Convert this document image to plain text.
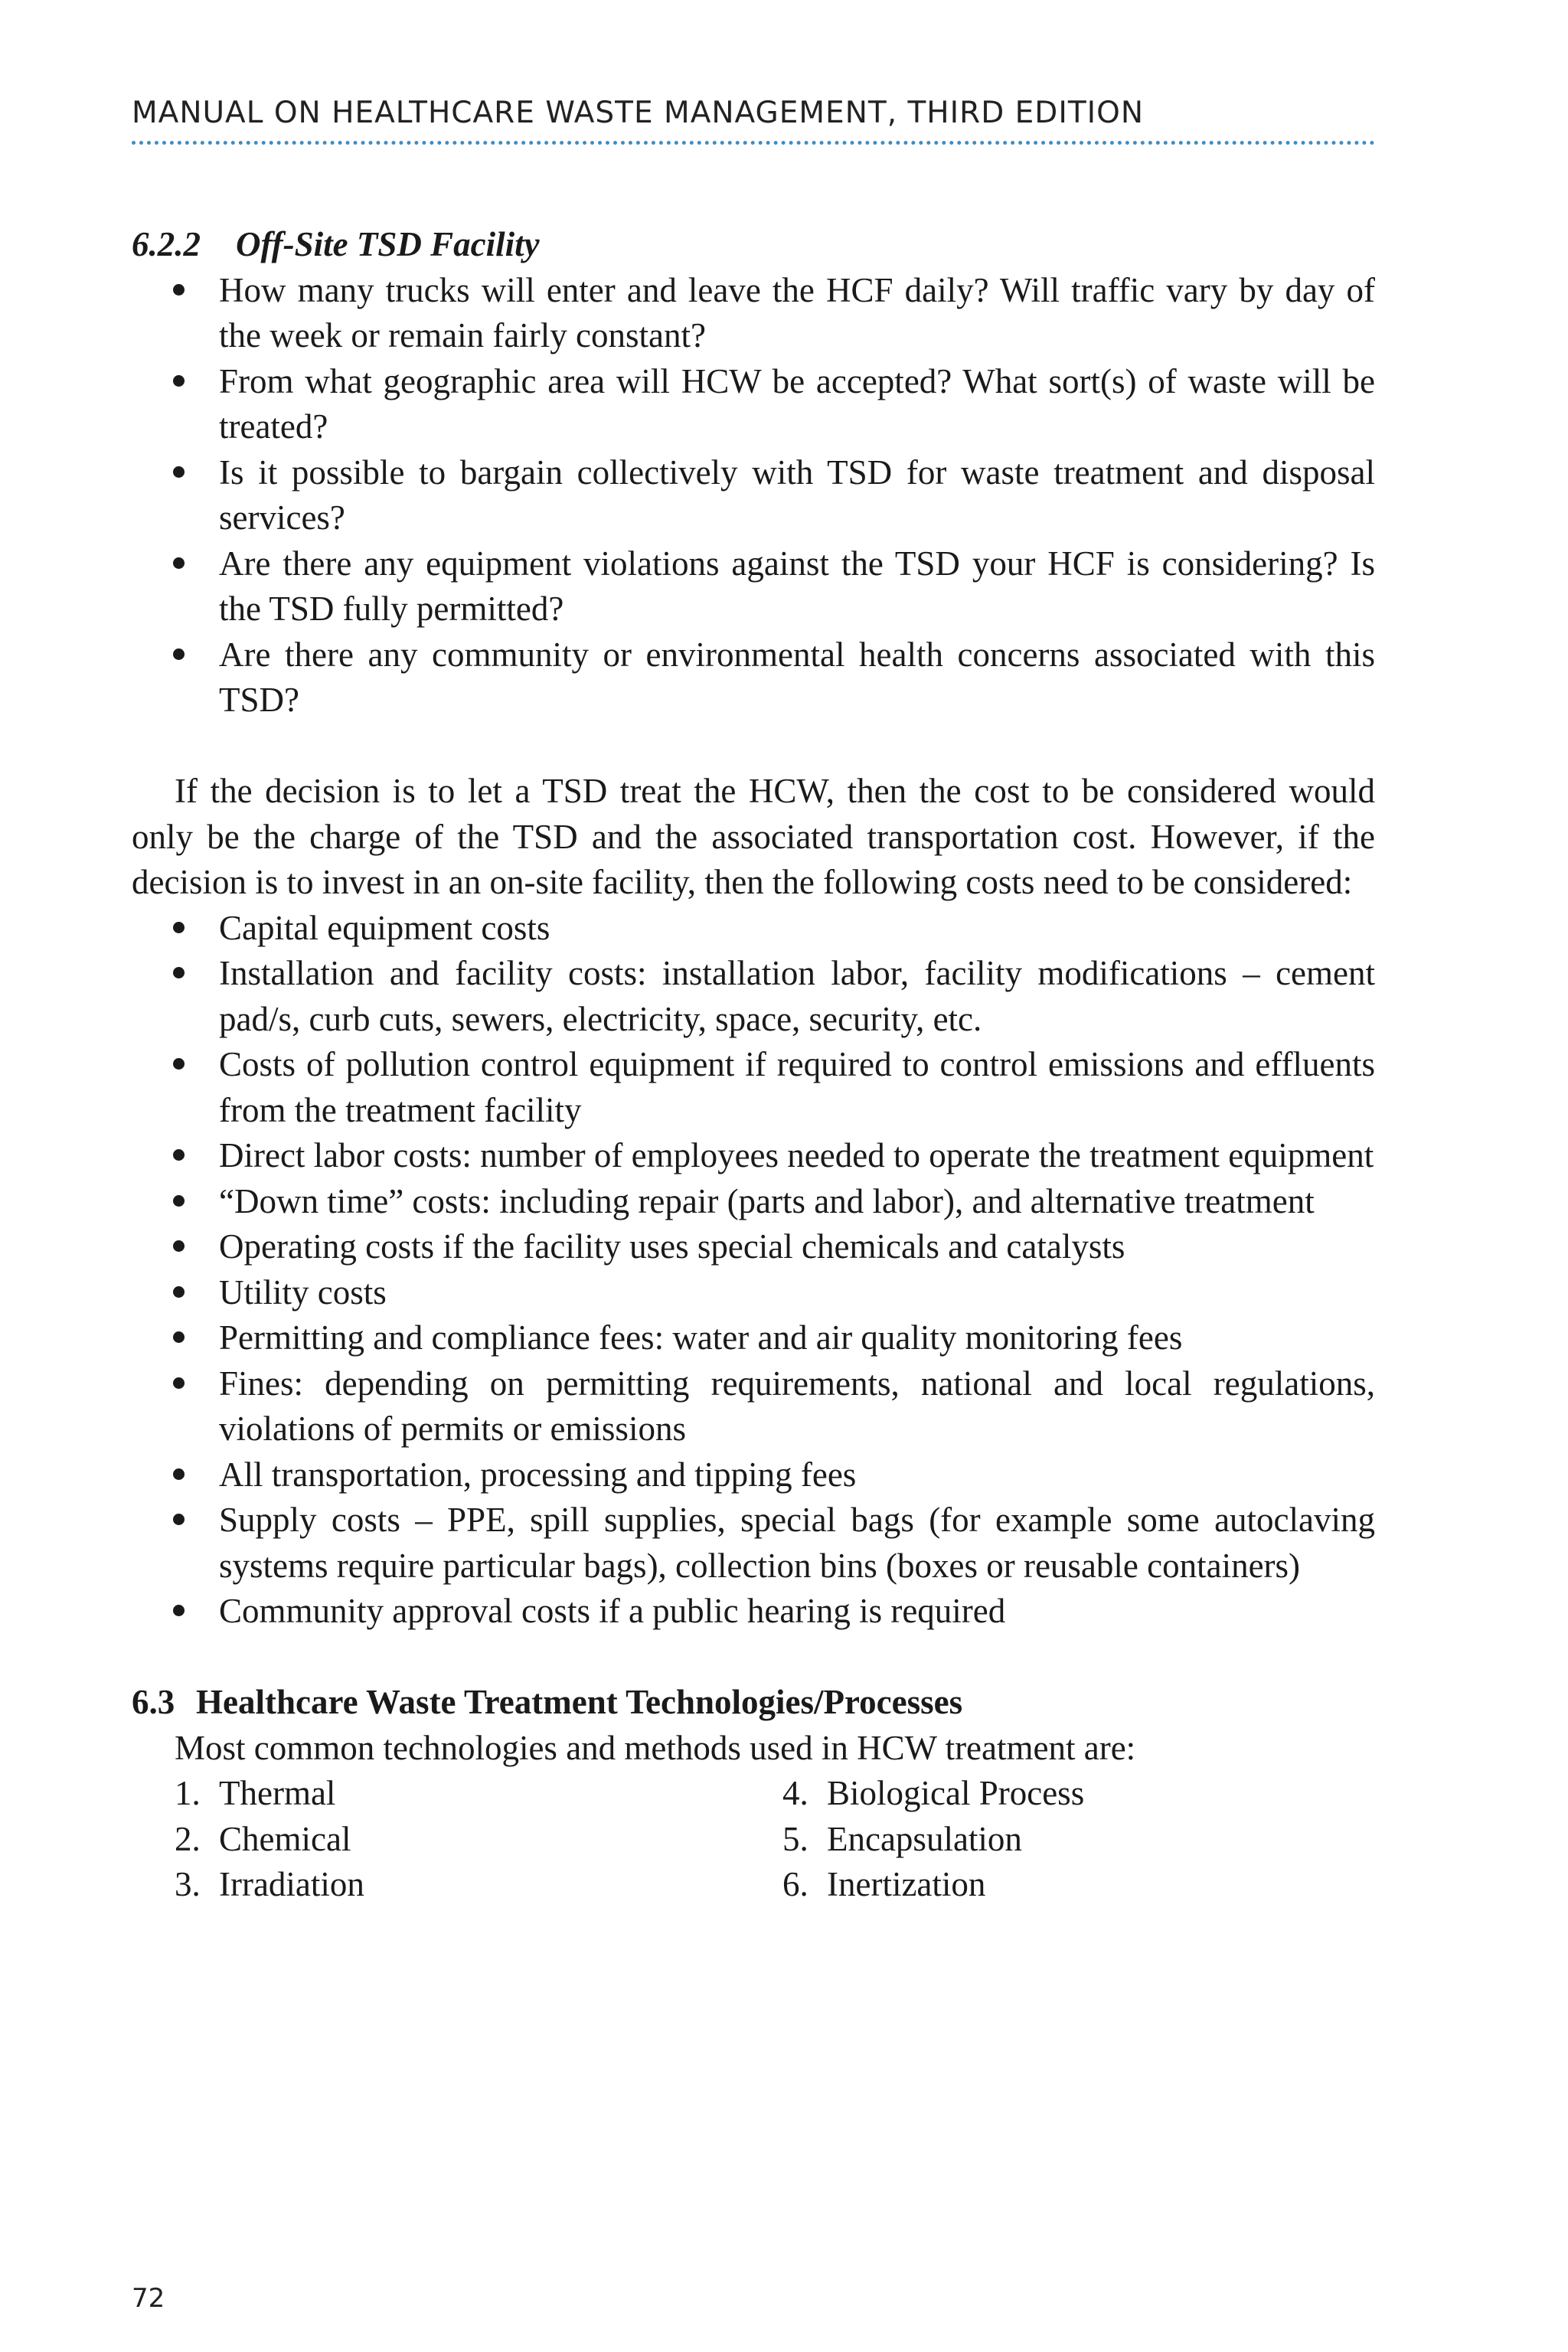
MANUAL ON HEALTHCARE WASTE MANAGEMENT, THIRD EDITION

6.2.2 Off-Site TSD Facility

How many trucks will enter and leave the HCF daily? Will traffic vary by day of the week or remain fairly constant?
From what geographic area will HCW be accepted? What sort(s) of waste will be treated?
Is it possible to bargain collectively with TSD for waste treatment and disposal services?
Are there any equipment violations against the TSD your HCF is considering? Is the TSD fully permitted?
Are there any community or environmental health concerns associated with this TSD?

If the decision is to let a TSD treat the HCW, then the cost to be considered would only be the charge of the TSD and the associated transportation cost. However, if the decision is to invest in an on-site facility, then the following costs need to be considered:

Capital equipment costs
Installation and facility costs: installation labor, facility modifications – cement pad/s, curb cuts, sewers, electricity, space, security, etc.
Costs of pollution control equipment if required to control emissions and effluents from the treatment facility
Direct labor costs: number of employees needed to operate the treatment equipment
“Down time” costs: including repair (parts and labor), and alternative treatment
Operating costs if the facility uses special chemicals and catalysts
Utility costs
Permitting and compliance fees: water and air quality monitoring fees
Fines: depending on permitting requirements, national and local regulations, violations of permits or emissions
All transportation, processing and tipping fees
Supply costs – PPE, spill supplies, special bags (for example some autoclaving systems require particular bags), collection bins (boxes or reusable containers)
Community approval costs if a public hearing is required

6.3 Healthcare Waste Treatment Technologies/Processes

Most common technologies and methods used in HCW treatment are:

1. Thermal	4. Biological Process
2. Chemical	5. Encapsulation
3. Irradiation	6. Inertization
72
